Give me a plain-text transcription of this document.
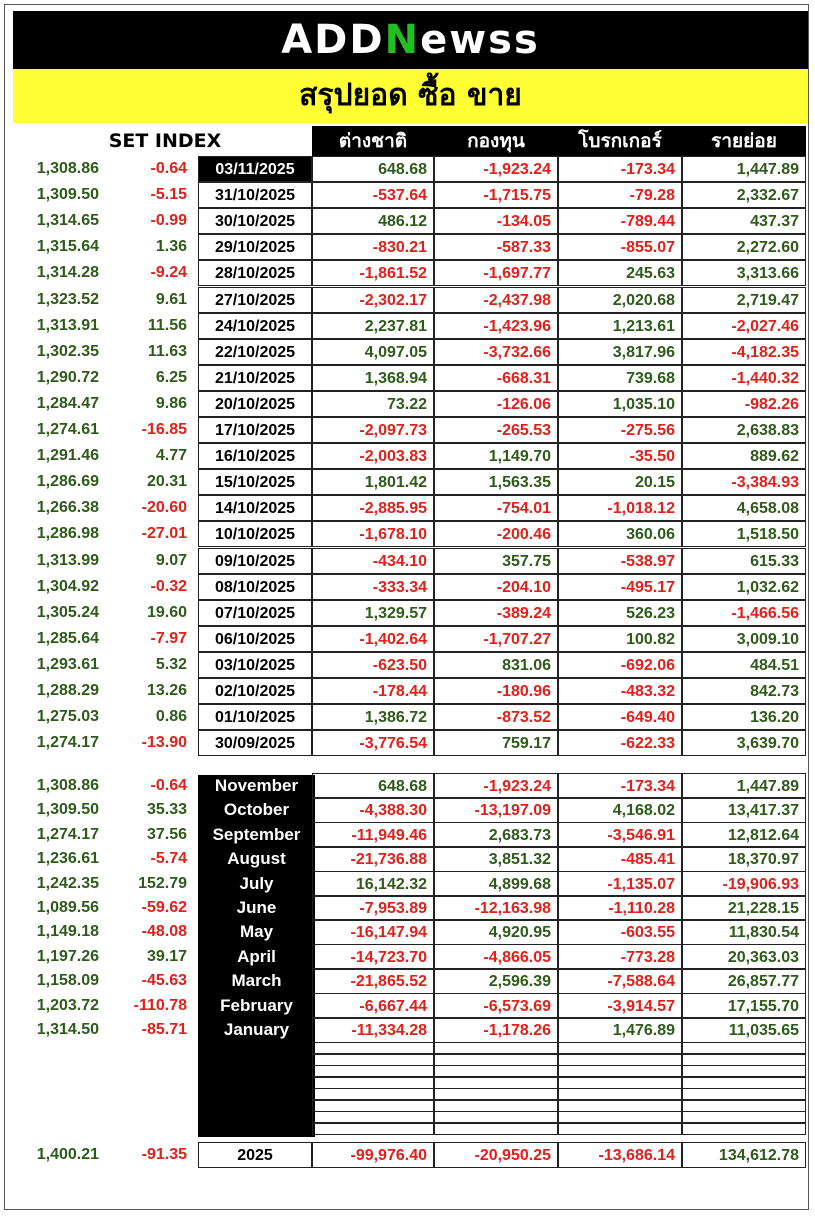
ADDNewss
สรุปยอด ซื้อ ขาย
SET INDEX	ต่างชาติ	กองทุน	โบรกเกอร์	รายย่อย
1,308.86	-0.64	03/11/2025	648.68	-1,923.24	-173.34	1,447.89
1,309.50	-5.15	31/10/2025	-537.64	-1,715.75	-79.28	2,332.67
1,314.65	-0.99	30/10/2025	486.12	-134.05	-789.44	437.37
1,315.64	1.36	29/10/2025	-830.21	-587.33	-855.07	2,272.60
1,314.28	-9.24	28/10/2025	-1,861.52	-1,697.77	245.63	3,313.66
1,323.52	9.61	27/10/2025	-2,302.17	-2,437.98	2,020.68	2,719.47
1,313.91	11.56	24/10/2025	2,237.81	-1,423.96	1,213.61	-2,027.46
1,302.35	11.63	22/10/2025	4,097.05	-3,732.66	3,817.96	-4,182.35
1,290.72	6.25	21/10/2025	1,368.94	-668.31	739.68	-1,440.32
1,284.47	9.86	20/10/2025	73.22	-126.06	1,035.10	-982.26
1,274.61	-16.85	17/10/2025	-2,097.73	-265.53	-275.56	2,638.83
1,291.46	4.77	16/10/2025	-2,003.83	1,149.70	-35.50	889.62
1,286.69	20.31	15/10/2025	1,801.42	1,563.35	20.15	-3,384.93
1,266.38	-20.60	14/10/2025	-2,885.95	-754.01	-1,018.12	4,658.08
1,286.98	-27.01	10/10/2025	-1,678.10	-200.46	360.06	1,518.50
1,313.99	9.07	09/10/2025	-434.10	357.75	-538.97	615.33
1,304.92	-0.32	08/10/2025	-333.34	-204.10	-495.17	1,032.62
1,305.24	19.60	07/10/2025	1,329.57	-389.24	526.23	-1,466.56
1,285.64	-7.97	06/10/2025	-1,402.64	-1,707.27	100.82	3,009.10
1,293.61	5.32	03/10/2025	-623.50	831.06	-692.06	484.51
1,288.29	13.26	02/10/2025	-178.44	-180.96	-483.32	842.73
1,275.03	0.86	01/10/2025	1,386.72	-873.52	-649.40	136.20
1,274.17	-13.90	30/09/2025	-3,776.54	759.17	-622.33	3,639.70
1,308.86	-0.64	November	648.68	-1,923.24	-173.34	1,447.89
1,309.50	35.33	October	-4,388.30	-13,197.09	4,168.02	13,417.37
1,274.17	37.56	September	-11,949.46	2,683.73	-3,546.91	12,812.64
1,236.61	-5.74	August	-21,736.88	3,851.32	-485.41	18,370.97
1,242.35	152.79	July	16,142.32	4,899.68	-1,135.07	-19,906.93
1,089.56	-59.62	June	-7,953.89	-12,163.98	-1,110.28	21,228.15
1,149.18	-48.08	May	-16,147.94	4,920.95	-603.55	11,830.54
1,197.26	39.17	April	-14,723.70	-4,866.05	-773.28	20,363.03
1,158.09	-45.63	March	-21,865.52	2,596.39	-7,588.64	26,857.77
1,203.72	-110.78	February	-6,667.44	-6,573.69	-3,914.57	17,155.70
1,314.50	-85.71	January	-11,334.28	-1,178.26	1,476.89	11,035.65
1,400.21	-91.35	2025	-99,976.40	-20,950.25	-13,686.14	134,612.78
